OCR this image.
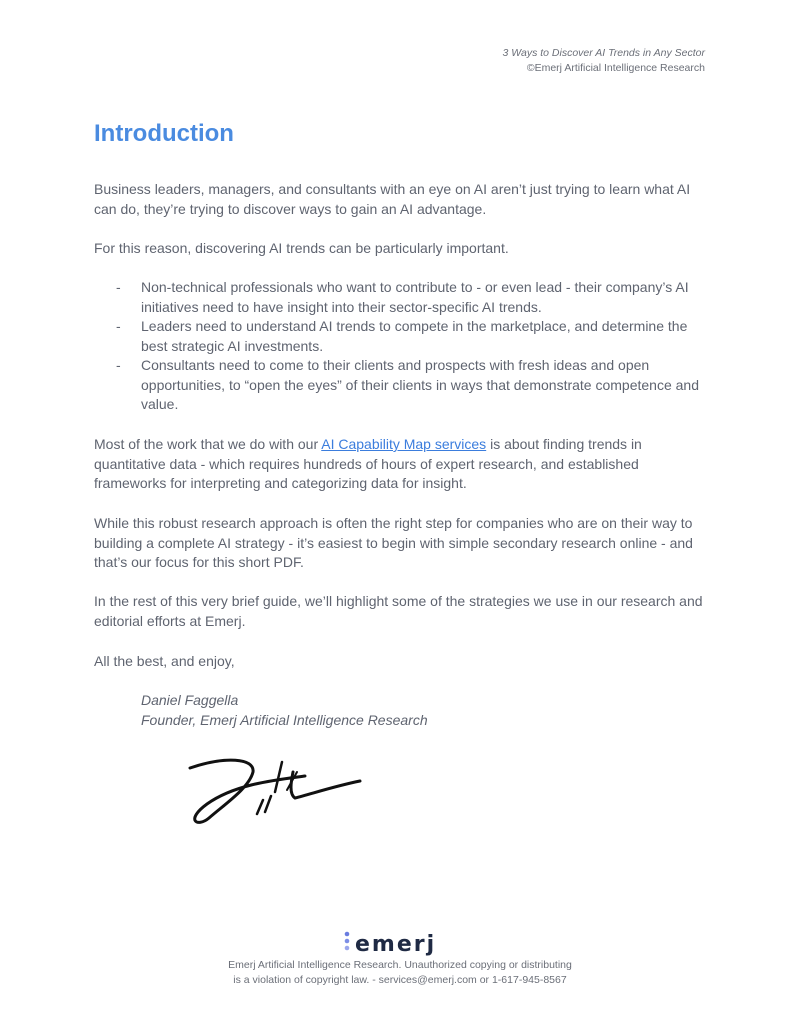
3 Ways to Discover AI Trends in Any Sector
©Emerj Artificial Intelligence Research
Introduction

Business leaders, managers, and consultants with an eye on AI aren’t just trying to learn what AI can do, they’re trying to discover ways to gain an AI advantage.

For this reason, discovering AI trends can be particularly important.

- Non-technical professionals who want to contribute to - or even lead - their company’s AI initiatives need to have insight into their sector-specific AI trends.
- Leaders need to understand AI trends to compete in the marketplace, and determine the best strategic AI investments.
- Consultants need to come to their clients and prospects with fresh ideas and open opportunities, to “open the eyes” of their clients in ways that demonstrate competence and value.

Most of the work that we do with our AI Capability Map services is about finding trends in quantitative data - which requires hundreds of hours of expert research, and established frameworks for interpreting and categorizing data for insight.

While this robust research approach is often the right step for companies who are on their way to building a complete AI strategy - it’s easiest to begin with simple secondary research online - and that’s our focus for this short PDF.

In the rest of this very brief guide, we’ll highlight some of the strategies we use in our research and editorial efforts at Emerj.

All the best, and enjoy,

Daniel Faggella
Founder, Emerj Artificial Intelligence Research
emerj
Emerj Artificial Intelligence Research. Unauthorized copying or distributing
is a violation of copyright law. - services@emerj.com or 1-617-945-8567
